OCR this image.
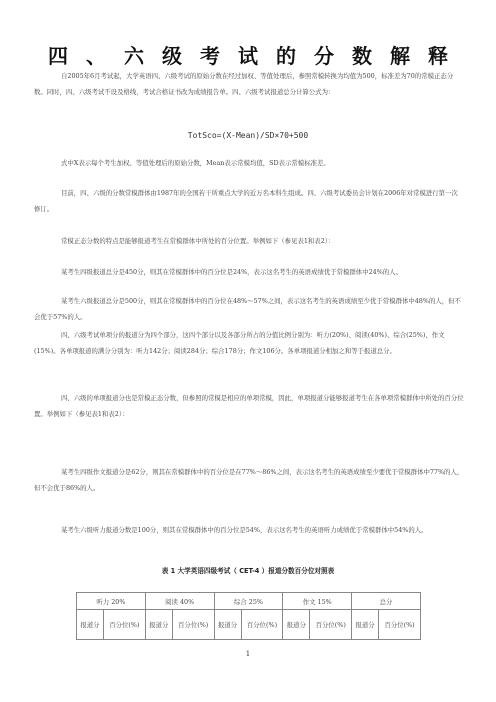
四、六级考试的分数解释

自2005年6月考试起，大学英语四、六级考试的原始分数在经过加权、等值处理后，参照常模转换为均值为500，标准差为70的常模正态分数。同时，四、六级考试不设及格线，考试合格证书改为成绩报告单。四、六级考试报道总分计算公式为：

TotSco=(X-Mean)/SD×70+500

式中X表示每个考生加权、等值处理后的原始分数，Mean表示常模均值，SD表示常模标准差。

目前，四、六级的分数常模群体由1987年的全国若干所重点大学的近万名本科生组成。四、六级考试委员会计划在2006年对常模进行第一次修订。

常模正态分数的特点是能够报道考生在常模群体中所处的百分位置。举例如下（参见表1和表2）：

某考生四级报道总分是450分，则其在常模群体中的百分位是24%，表示这名考生的英语成绩优于常模群体中24%的人。

某考生六级报道总分是500分，则其在常模群体中的百分位在48%～57%之间，表示这名考生的英语成绩至少优于常模群体中48%的人，但不会优于57%的人。

四、六级考试单项分的报道分为四个部分，这四个部分以及各部分所占的分值比例分别为：听力(20%)、阅读(40%)、综合(25%)、作文(15%)。各单项报道的满分分别为：听力142分；阅读284分；综合178分；作文106分。各单项报道分相加之和等于报道总分。

四、六级的单项报道分也是常模正态分数，但参照的常模是相应的单项常模，因此，单项报道分能够报道考生在各单项常模群体中所处的百分位置。举例如下（参见表1和表2）：

某考生四级作文报道分是62分，则其在常模群体中的百分位是在77%～86%之间，表示这名考生的英语成绩至少要优于常模群体中77%的人，但不会优于86%的人。

某考生六级听力报道分数是100分，则其在常模群体中的百分位是54%，表示这名考生的英语听力成绩优于常模群体中54%的人。

表 1 大学英语四级考试（ CET-4 ）报道分数百分位对照表
听力 20%		阅读 40%		综合 25%		作文 15%		总分	
报道分	百分位(%)	报道分	百分位(%)	报道分	百分位(%)	报道分	百分位(%)	报道分	百分位(%)
1
